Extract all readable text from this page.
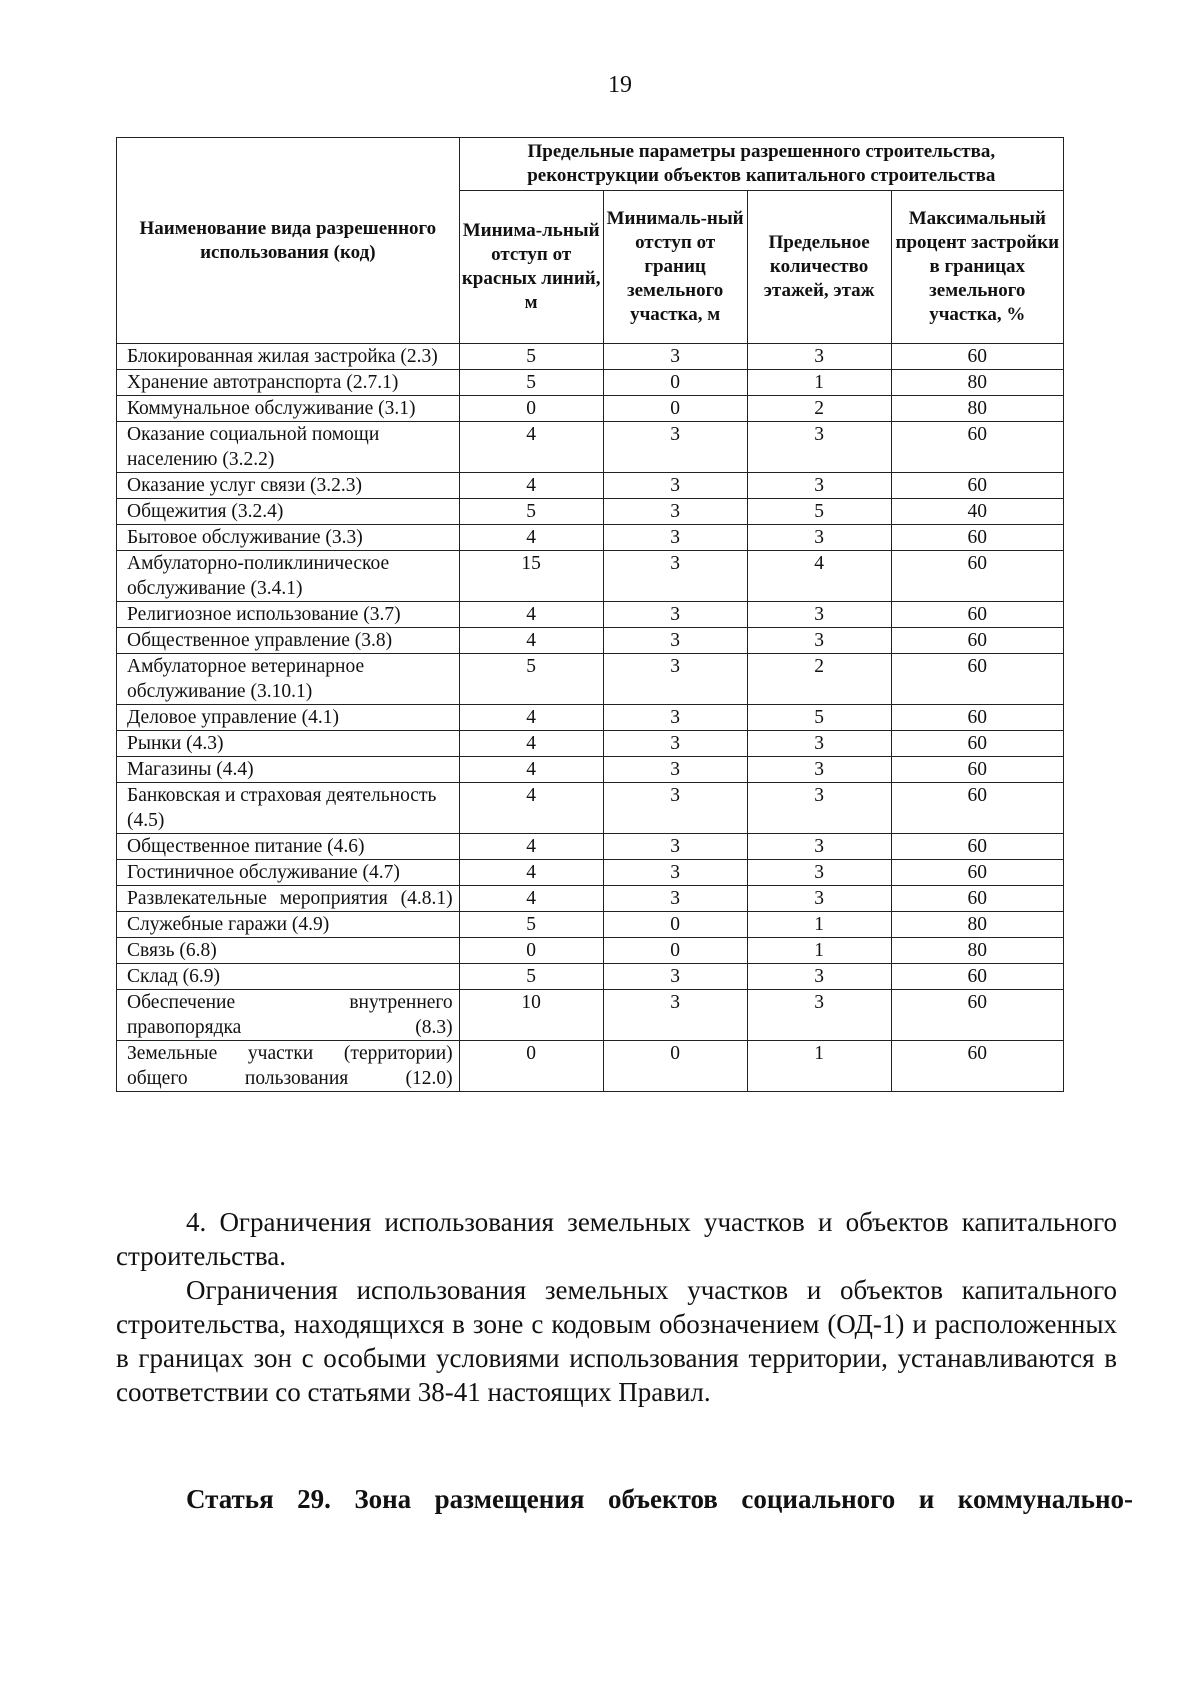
19
Наименование вида разрешенного использования (код)	Предельные параметры разрешенного строительства, реконструкции объектов капитального строительства			
	Минима-льный отступ от красных линий, м	Минималь-ный отступ от границ земельного участка, м	Предельное количество этажей, этаж	Максимальный процент застройки в границах земельного участка, %
Блокированная жилая застройка (2.3)	5	3	3	60
Хранение автотранспорта (2.7.1)	5	0	1	80
Коммунальное обслуживание (3.1)	0	0	2	80
Оказание социальной помощи населению (3.2.2)	4	3	3	60
Оказание услуг связи (3.2.3)	4	3	3	60
Общежития (3.2.4)	5	3	5	40
Бытовое обслуживание (3.3)	4	3	3	60
Амбулаторно-поликлиническое обслуживание (3.4.1)	15	3	4	60
Религиозное использование (3.7)	4	3	3	60
Общественное управление (3.8)	4	3	3	60
Амбулаторное ветеринарное обслуживание (3.10.1)	5	3	2	60
Деловое управление (4.1)	4	3	5	60
Рынки (4.3)	4	3	3	60
Магазины (4.4)	4	3	3	60
Банковская и страховая деятельность (4.5)	4	3	3	60
Общественное питание (4.6)	4	3	3	60
Гостиничное обслуживание (4.7)	4	3	3	60
Развлекательные мероприятия (4.8.1)	4	3	3	60
Служебные гаражи (4.9)	5	0	1	80
Связь (6.8)	0	0	1	80
Склад (6.9)	5	3	3	60
Обеспечение внутреннего правопорядка (8.3)	10	3	3	60
Земельные участки (территории) общего пользования (12.0)	0	0	1	60
4. Ограничения использования земельных участков и объектов капитального строительства.
Ограничения использования земельных участков и объектов капитального строительства, находящихся в зоне с кодовым обозначением (ОД-1) и расположенных в границах зон с особыми условиями использования территории, устанавливаются в соответствии со статьями 38-41 настоящих Правил.
Статья 29. Зона размещения объектов социального и коммунально-
